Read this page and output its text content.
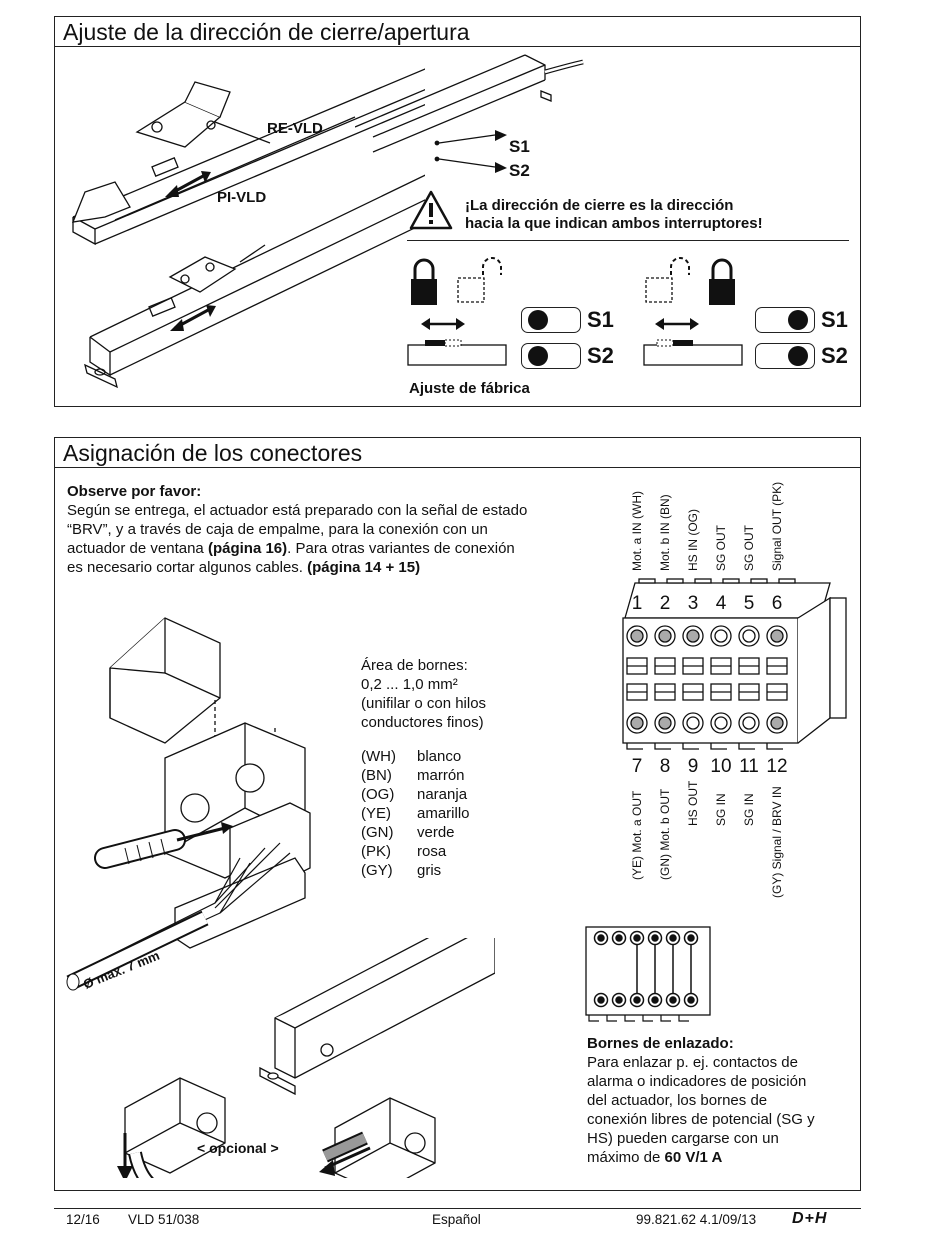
Ajuste de la dirección de cierre/apertura
RE-VLD
PI-VLD
S1
S2
¡La dirección de cierre es la dirección
hacia la que indican ambos interruptores!
S1
S2
Ajuste de fábrica
S1
S2
Asignación de los conectores
Observe por favor:
Según se entrega, el actuador está preparado con la señal de estado
“BRV”, y a través de caja de empalme, para la conexión con un
actuador de ventana (página 16). Para otras variantes de conexión
es necesario cortar algunos cables. (página 14 + 15)
Área de bornes:
0,2 ... 1,0 mm²
(unifilar o con hilos
conductores finos)
(WH) blanco
(BN) marrón
(OG) naranja
(YE) amarillo
(GN) verde
(PK) rosa
(GY) gris
Ø max. 7 mm
< opcional >
Mot. a IN (WH) Mot. b IN (BN) HS IN (OG) SG OUT SG OUT Signal OUT (PK)
1 2 3 4 5 6
7 8 9 10 11 12
(YE) Mot. a OUT (GN) Mot. b OUT HS OUT SG IN SG IN (GY) Signal / BRV IN
Bornes de enlazado:
Para enlazar p. ej. contactos de
alarma o indicadores de posición
del actuador, los bornes de
conexión libres de potencial (SG y
HS) pueden cargarse con un
máximo de 60 V/1 A
12/16 VLD 51/038	Español	99.821.62 4.1/09/13 D+H
